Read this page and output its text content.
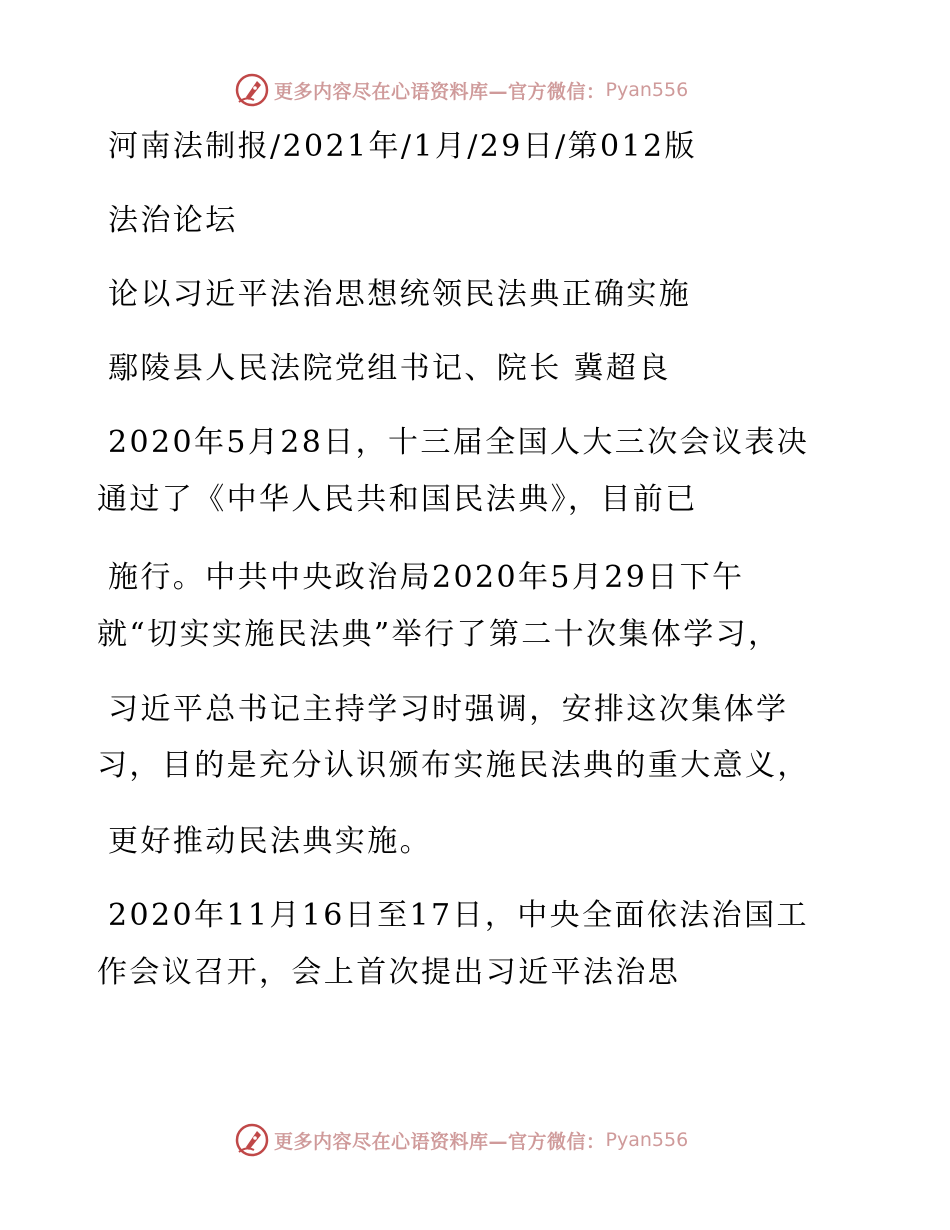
更多内容尽在心语资料库—官方微信： Pyan556

河南法制报/2021年/1月/29日/第012版

法治论坛

论以习近平法治思想统领民法典正确实施

鄢陵县人民法院党组书记、院长 冀超良

2020年5月28日，十三届全国人大三次会议表决

通过了《中华人民共和国民法典》，目前已

施行。中共中央政治局2020年5月29日下午

就“切实实施民法典”举行了第二十次集体学习，

习近平总书记主持学习时强调，安排这次集体学

习，目的是充分认识颁布实施民法典的重大意义，

更好推动民法典实施。

2020年11月16日至17日，中央全面依法治国工

作会议召开，会上首次提出习近平法治思

更多内容尽在心语资料库—官方微信： Pyan556
